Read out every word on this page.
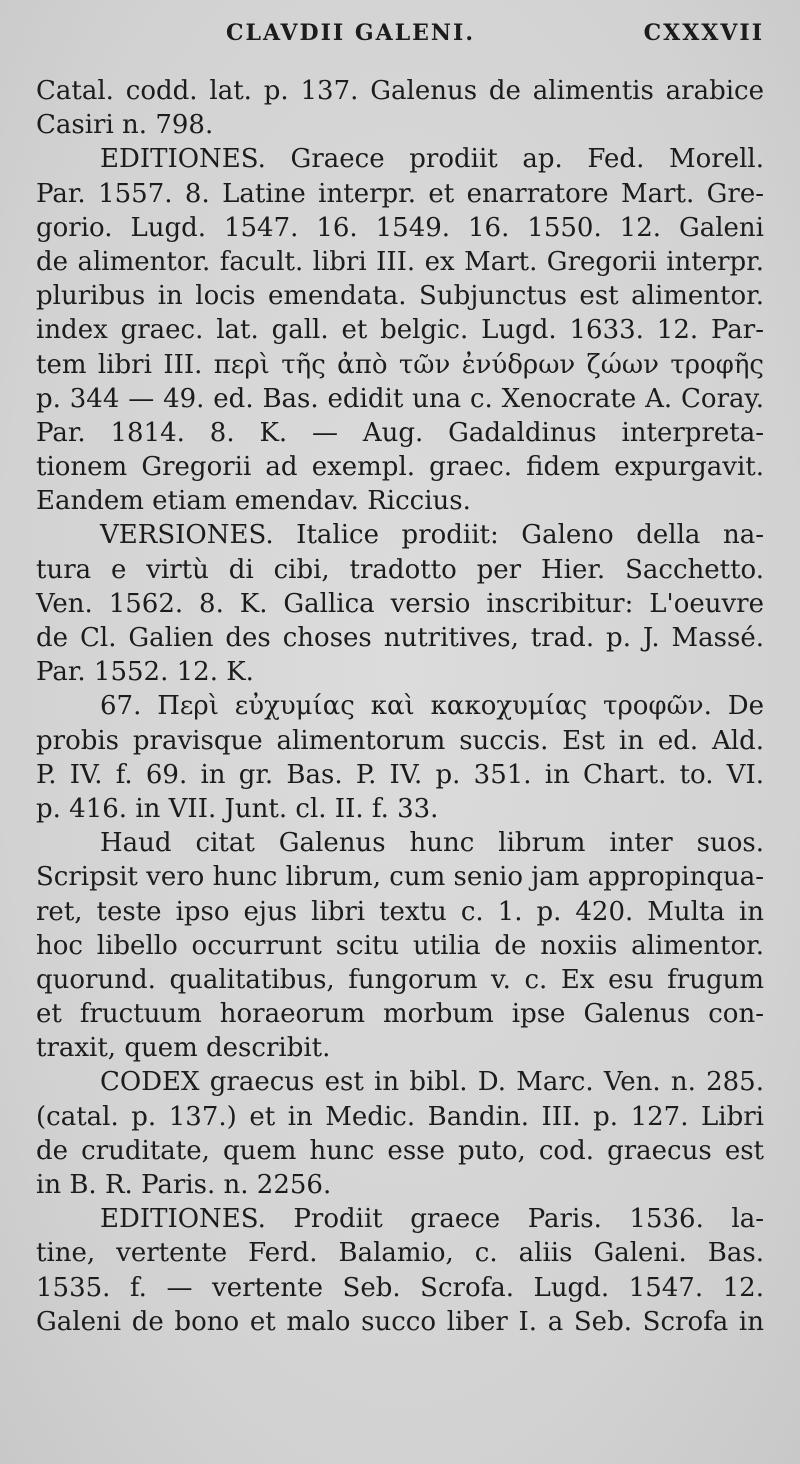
CLAVDII GALENI.	CXXXVII
Catal. codd. lat. p. 137. Galenus de alimentis arabice
Casiri n. 798.
EDITIONES. Graece prodiit ap. Fed. Morell.
Par. 1557. 8. Latine interpr. et enarratore Mart. Gre-
gorio. Lugd. 1547. 16. 1549. 16. 1550. 12. Galeni
de alimentor. facult. libri III. ex Mart. Gregorii interpr.
pluribus in locis emendata. Subjunctus est alimentor.
index graec. lat. gall. et belgic. Lugd. 1633. 12. Par-
tem libri III. περὶ τῆς ἀπὸ τῶν ἐνύδρων ζώων τροφῆς
p. 344 — 49. ed. Bas. edidit una c. Xenocrate A. Coray.
Par. 1814. 8. K. — Aug. Gadaldinus interpreta-
tionem Gregorii ad exempl. graec. fidem expurgavit.
Eandem etiam emendav. Riccius.
VERSIONES. Italice prodiit: Galeno della na-
tura e virtù di cibi, tradotto per Hier. Sacchetto.
Ven. 1562. 8. K. Gallica versio inscribitur: L'oeuvre
de Cl. Galien des choses nutritives, trad. p. J. Massé.
Par. 1552. 12. K.
67. Περὶ εὐχυμίας καὶ κακοχυμίας τροφῶν. De
probis pravisque alimentorum succis. Est in ed. Ald.
P. IV. f. 69. in gr. Bas. P. IV. p. 351. in Chart. to. VI.
p. 416. in VII. Junt. cl. II. f. 33.
Haud citat Galenus hunc librum inter suos.
Scripsit vero hunc librum, cum senio jam appropinqua-
ret, teste ipso ejus libri textu c. 1. p. 420. Multa in
hoc libello occurrunt scitu utilia de noxiis alimentor.
quorund. qualitatibus, fungorum v. c. Ex esu frugum
et fructuum horaeorum morbum ipse Galenus con-
traxit, quem describit.
CODEX graecus est in bibl. D. Marc. Ven. n. 285.
(catal. p. 137.) et in Medic. Bandin. III. p. 127. Libri
de cruditate, quem hunc esse puto, cod. graecus est
in B. R. Paris. n. 2256.
EDITIONES. Prodiit graece Paris. 1536. la-
tine, vertente Ferd. Balamio, c. aliis Galeni. Bas.
1535. f. — vertente Seb. Scrofa. Lugd. 1547. 12.
Galeni de bono et malo succo liber I. a Seb. Scrofa in
